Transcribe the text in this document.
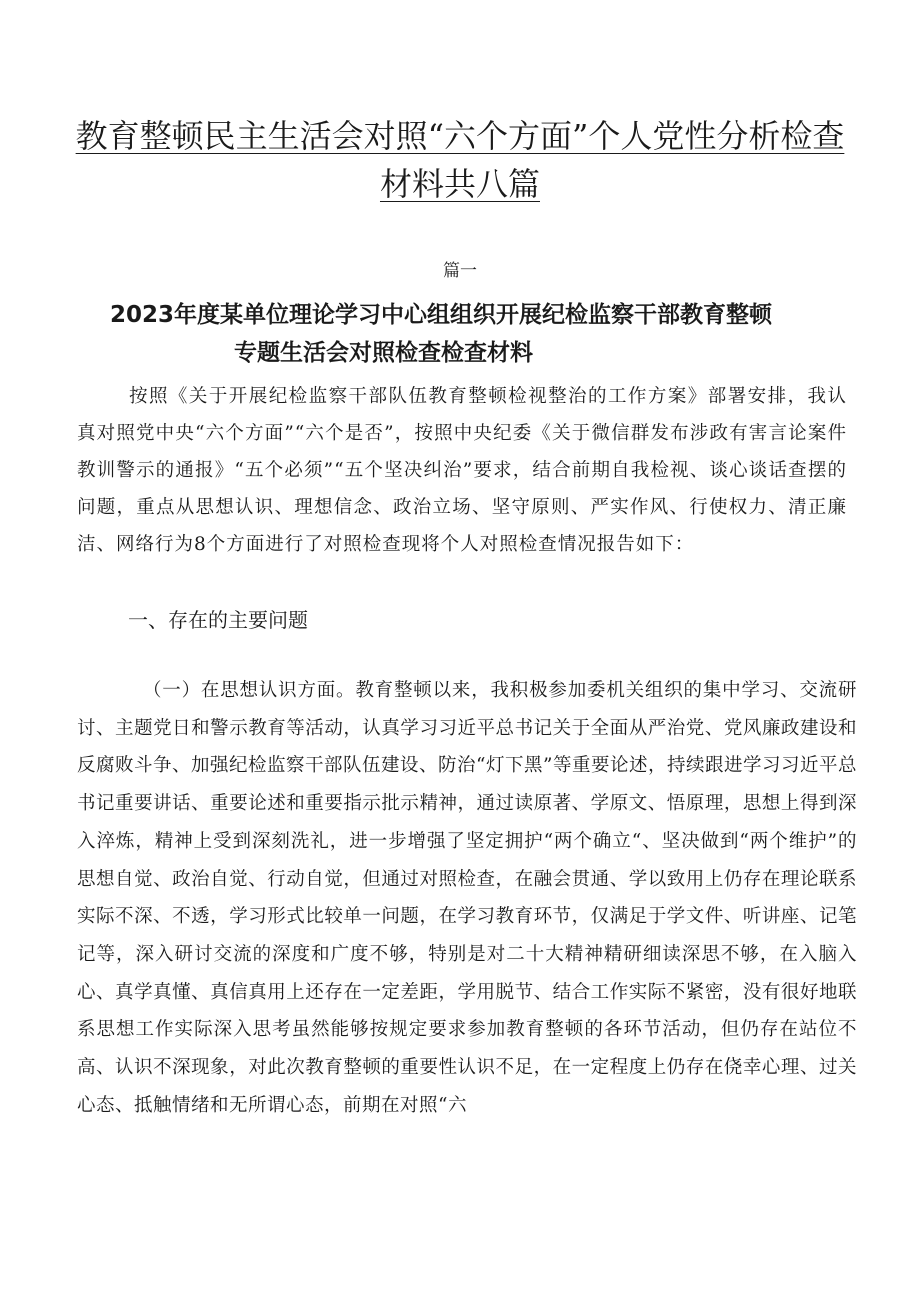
教育整顿民主生活会对照“六个方面”个人党性分析检查材料共八篇
篇一
2023年度某单位理论学习中心组组织开展纪检监察干部教育整顿
专题生活会对照检查检查材料

按照《关于开展纪检监察干部队伍教育整顿检视整治的工作方案》部署安排，我认真对照党中央“六个方面”“六个是否”，按照中央纪委《关于微信群发布涉政有害言论案件教训警示的通报》“五个必须”“五个坚决纠治”要求，结合前期自我检视、谈心谈话查摆的问题，重点从思想认识、理想信念、政治立场、坚守原则、严实作风、行使权力、清正廉洁、网络行为8个方面进行了对照检查现将个人对照检查情况报告如下：

一、存在的主要问题

（一）在思想认识方面。教育整顿以来，我积极参加委机关组织的集中学习、交流研讨、主题党日和警示教育等活动，认真学习习近平总书记关于全面从严治党、党风廉政建设和反腐败斗争、加强纪检监察干部队伍建设、防治“灯下黑”等重要论述，持续跟进学习习近平总书记重要讲话、重要论述和重要指示批示精神，通过读原著、学原文、悟原理，思想上得到深入淬炼，精神上受到深刻洗礼，进一步增强了坚定拥护“两个确立“、坚决做到“两个维护”的思想自觉、政治自觉、行动自觉，但通过对照检查，在融会贯通、学以致用上仍存在理论联系实际不深、不透，学习形式比较单一问题，在学习教育环节，仅满足于学文件、听讲座、记笔记等，深入研讨交流的深度和广度不够，特别是对二十大精神精研细读深思不够，在入脑入心、真学真懂、真信真用上还存在一定差距，学用脱节、结合工作实际不紧密，没有很好地联系思想工作实际深入思考虽然能够按规定要求参加教育整顿的各环节活动，但仍存在站位不高、认识不深现象，对此次教育整顿的重要性认识不足，在一定程度上仍存在侥幸心理、过关心态、抵触情绪和无所谓心态，前期在对照“六
